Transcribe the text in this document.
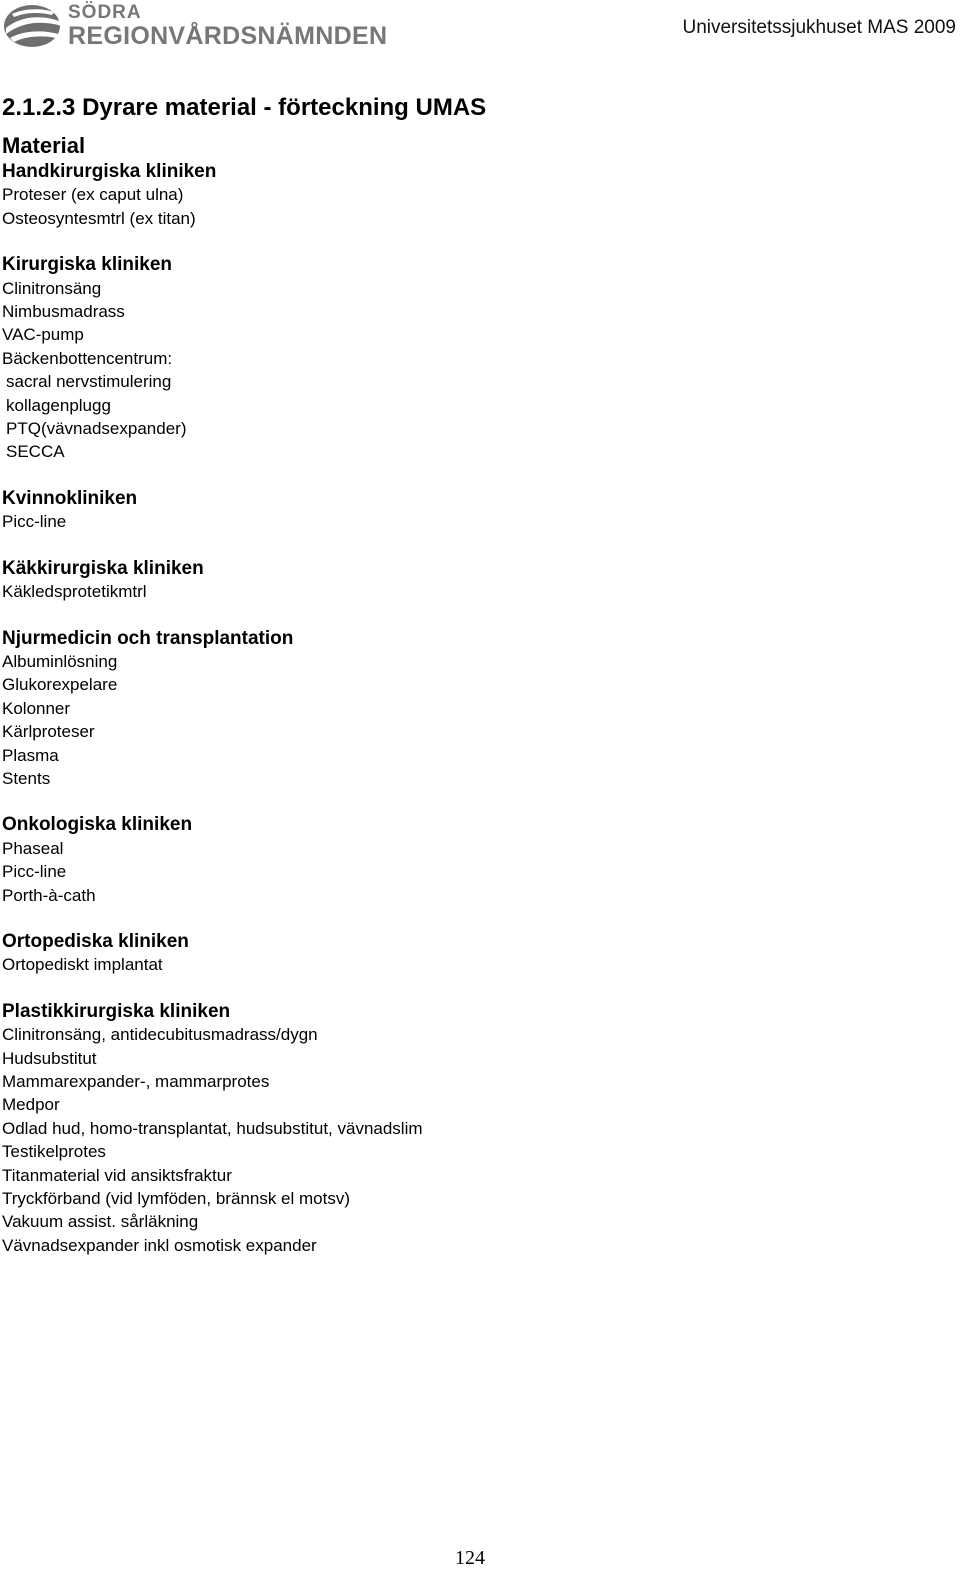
SÖDRA
REGIONVÅRDSNÄMNDEN	Universitetssjukhuset MAS 2009
2.1.2.3 Dyrare material - förteckning UMAS
Material
Handkirurgiska kliniken
Proteser (ex caput ulna)
Osteosyntesmtrl (ex titan)
Kirurgiska kliniken
Clinitronsäng
Nimbusmadrass
VAC-pump
Bäckenbottencentrum:
sacral nervstimulering
kollagenplugg
PTQ(vävnadsexpander)
SECCA
Kvinnokliniken
Picc-line
Käkkirurgiska kliniken
Käkledsprotetikmtrl
Njurmedicin och transplantation
Albuminlösning
Glukorexpelare
Kolonner
Kärlproteser
Plasma
Stents
Onkologiska kliniken
Phaseal
Picc-line
Porth-à-cath
Ortopediska kliniken
Ortopediskt implantat
Plastikkirurgiska kliniken
Clinitronsäng, antidecubitusmadrass/dygn
Hudsubstitut
Mammarexpander-, mammarprotes
Medpor
Odlad hud, homo-transplantat, hudsubstitut, vävnadslim
Testikelprotes
Titanmaterial vid ansiktsfraktur
Tryckförband (vid lymföden, brännsk el motsv)
Vakuum assist. sårläkning
Vävnadsexpander inkl osmotisk expander
124
